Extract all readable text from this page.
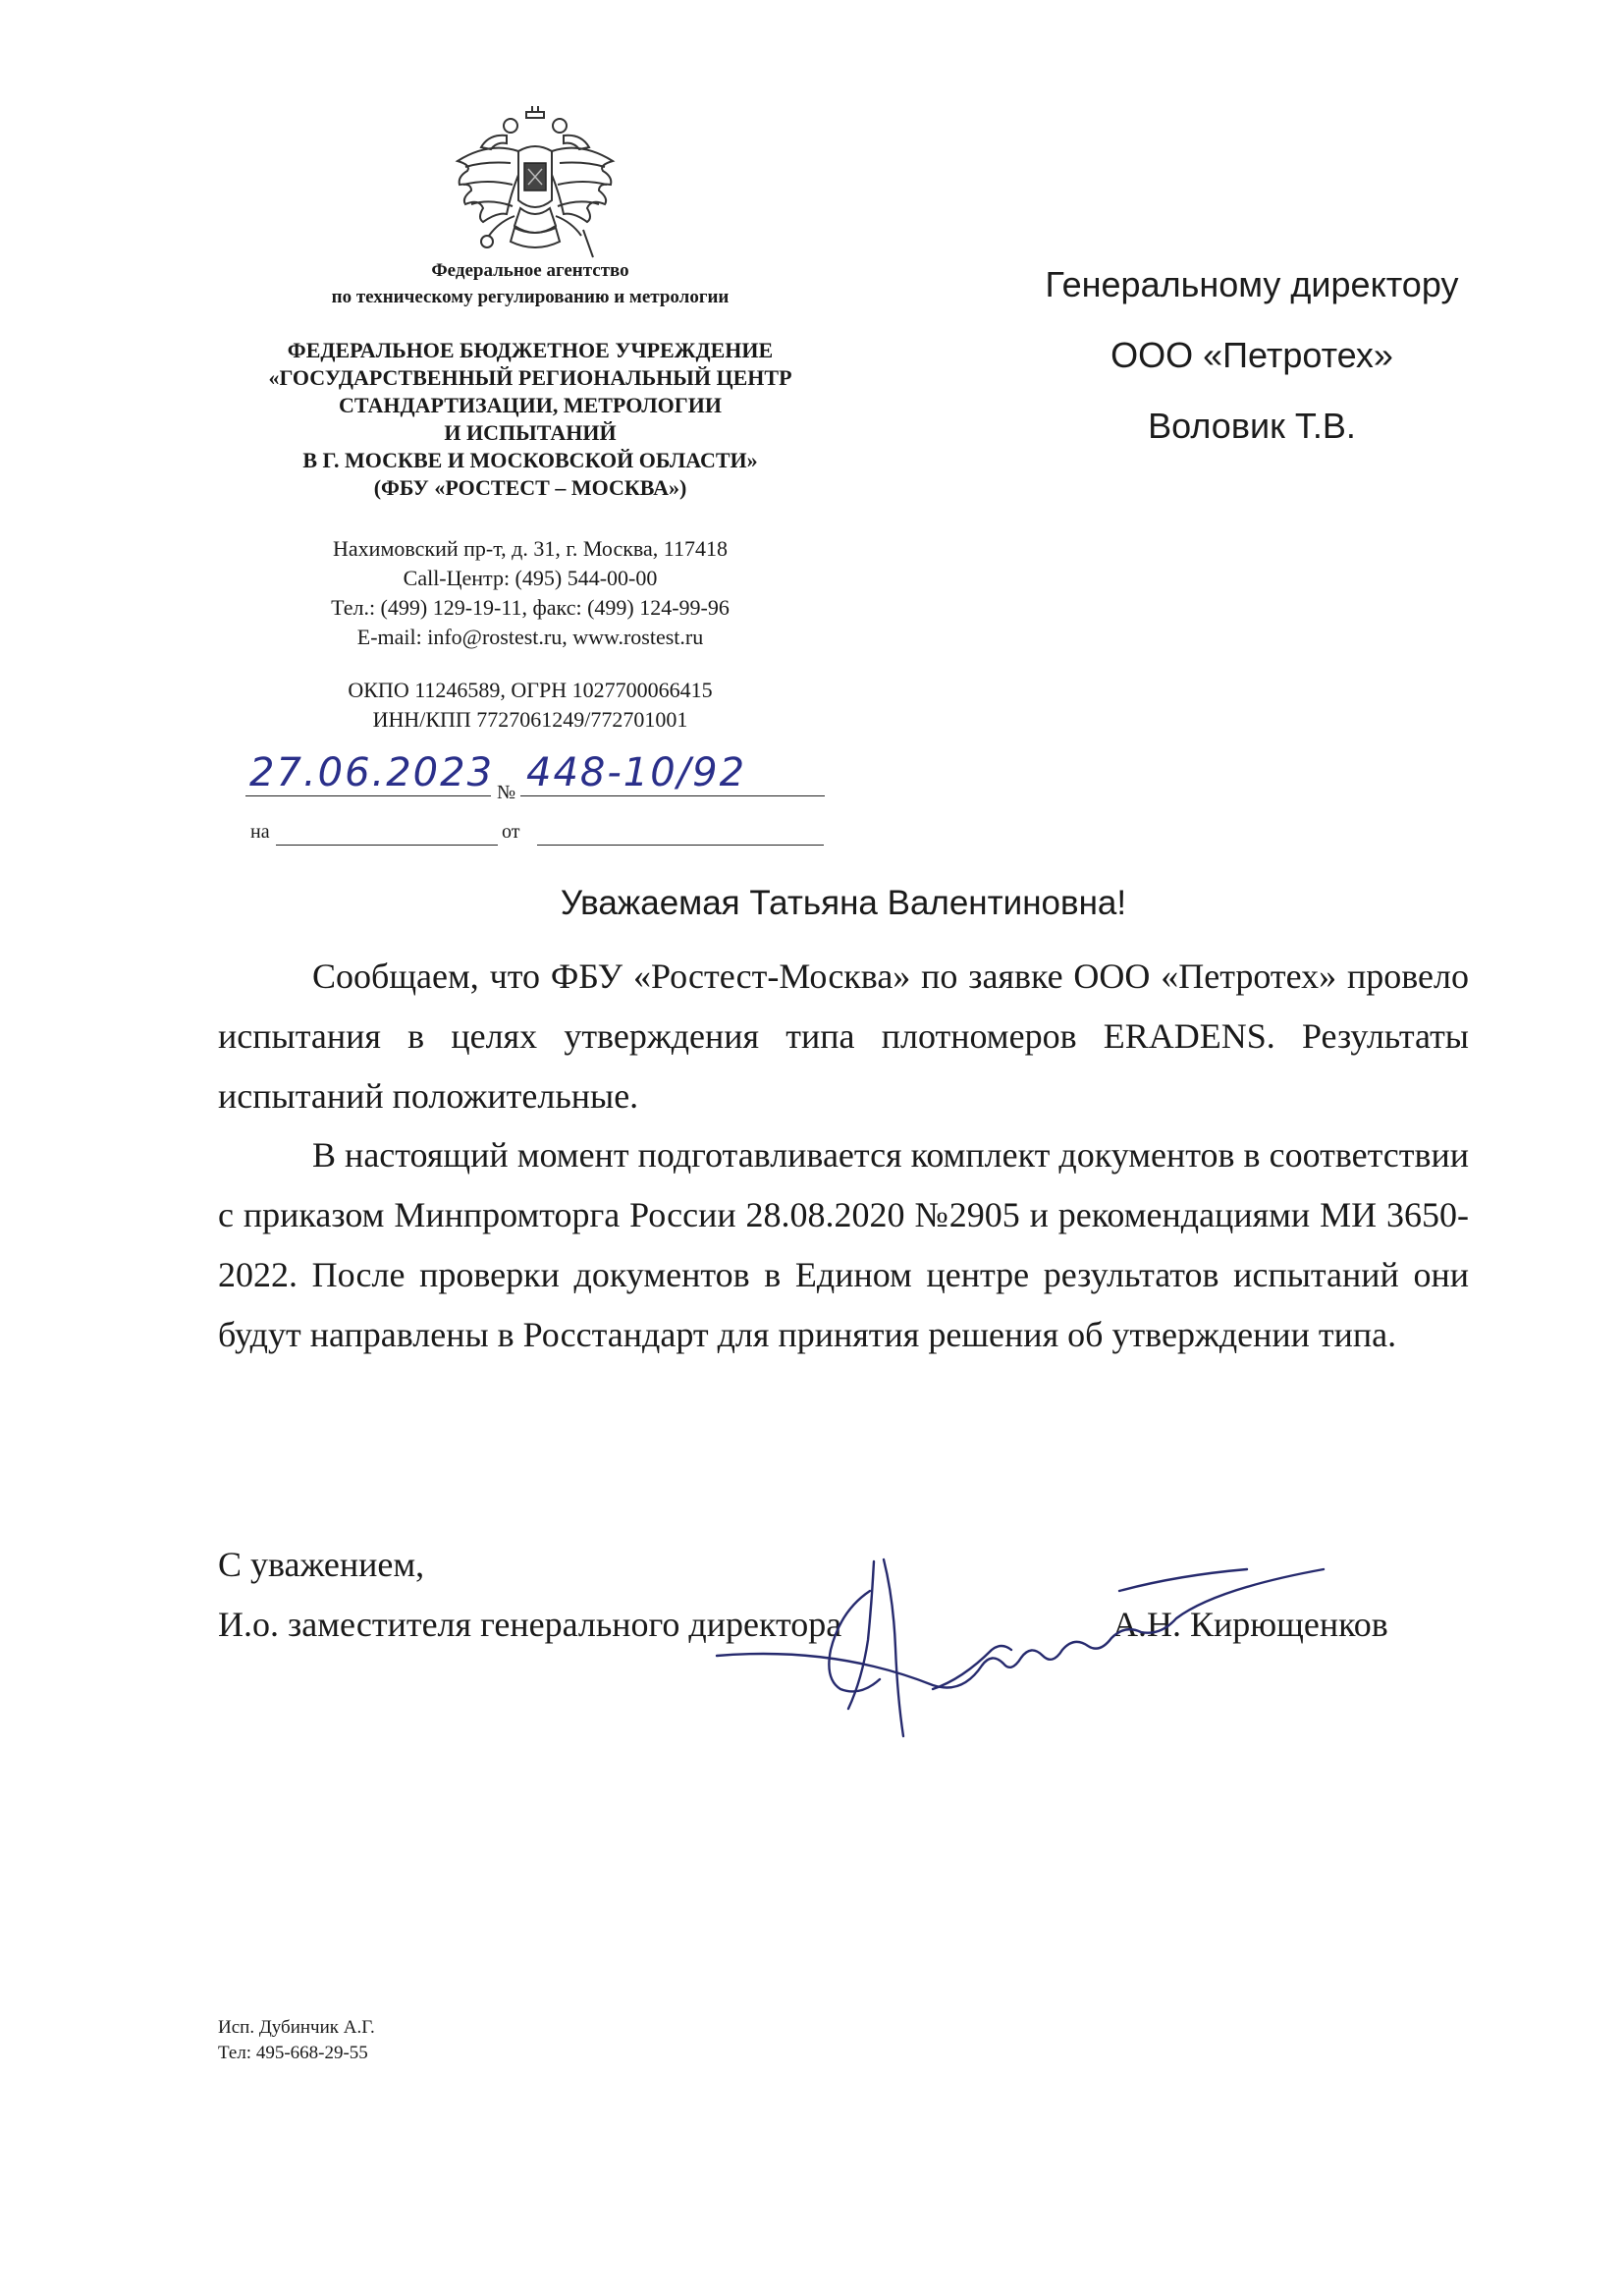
Федеральное агентство
по техническому регулированию и метрологии
ФЕДЕРАЛЬНОЕ БЮДЖЕТНОЕ УЧРЕЖДЕНИЕ
«ГОСУДАРСТВЕННЫЙ РЕГИОНАЛЬНЫЙ ЦЕНТР
СТАНДАРТИЗАЦИИ, МЕТРОЛОГИИ
И ИСПЫТАНИЙ
В Г. МОСКВЕ И МОСКОВСКОЙ ОБЛАСТИ»
(ФБУ «РОСТЕСТ – МОСКВА»)
Нахимовский пр-т, д. 31, г. Москва, 117418
Call-Центр: (495) 544-00-00
Тел.: (499) 129-19-11, факс: (499) 124-99-96
E-mail: info@rostest.ru, www.rostest.ru
ОКПО 11246589, ОГРН 1027700066415
ИНН/КПП 7727061249/772701001
27.06.2023 № 448-10/92
на	от
Генеральному директору
ООО «Петротех»
Воловик Т.В.
Уважаемая Татьяна Валентиновна!

Сообщаем, что ФБУ «Ростест-Москва» по заявке ООО «Петротех» провело испытания в целях утверждения типа плотномеров ERADENS. Результаты испытаний положительные.

В настоящий момент подготавливается комплект документов в соответствии с приказом Минпромторга России 28.08.2020 №2905 и рекомендациями МИ 3650-2022. После проверки документов в Едином центре результатов испытаний они будут направлены в Росстандарт для принятия решения об утверждении типа.

С уважением,
И.о. заместителя генерального директора	А.Н. Кирющенков
Исп. Дубинчик А.Г.
Тел: 495-668-29-55
